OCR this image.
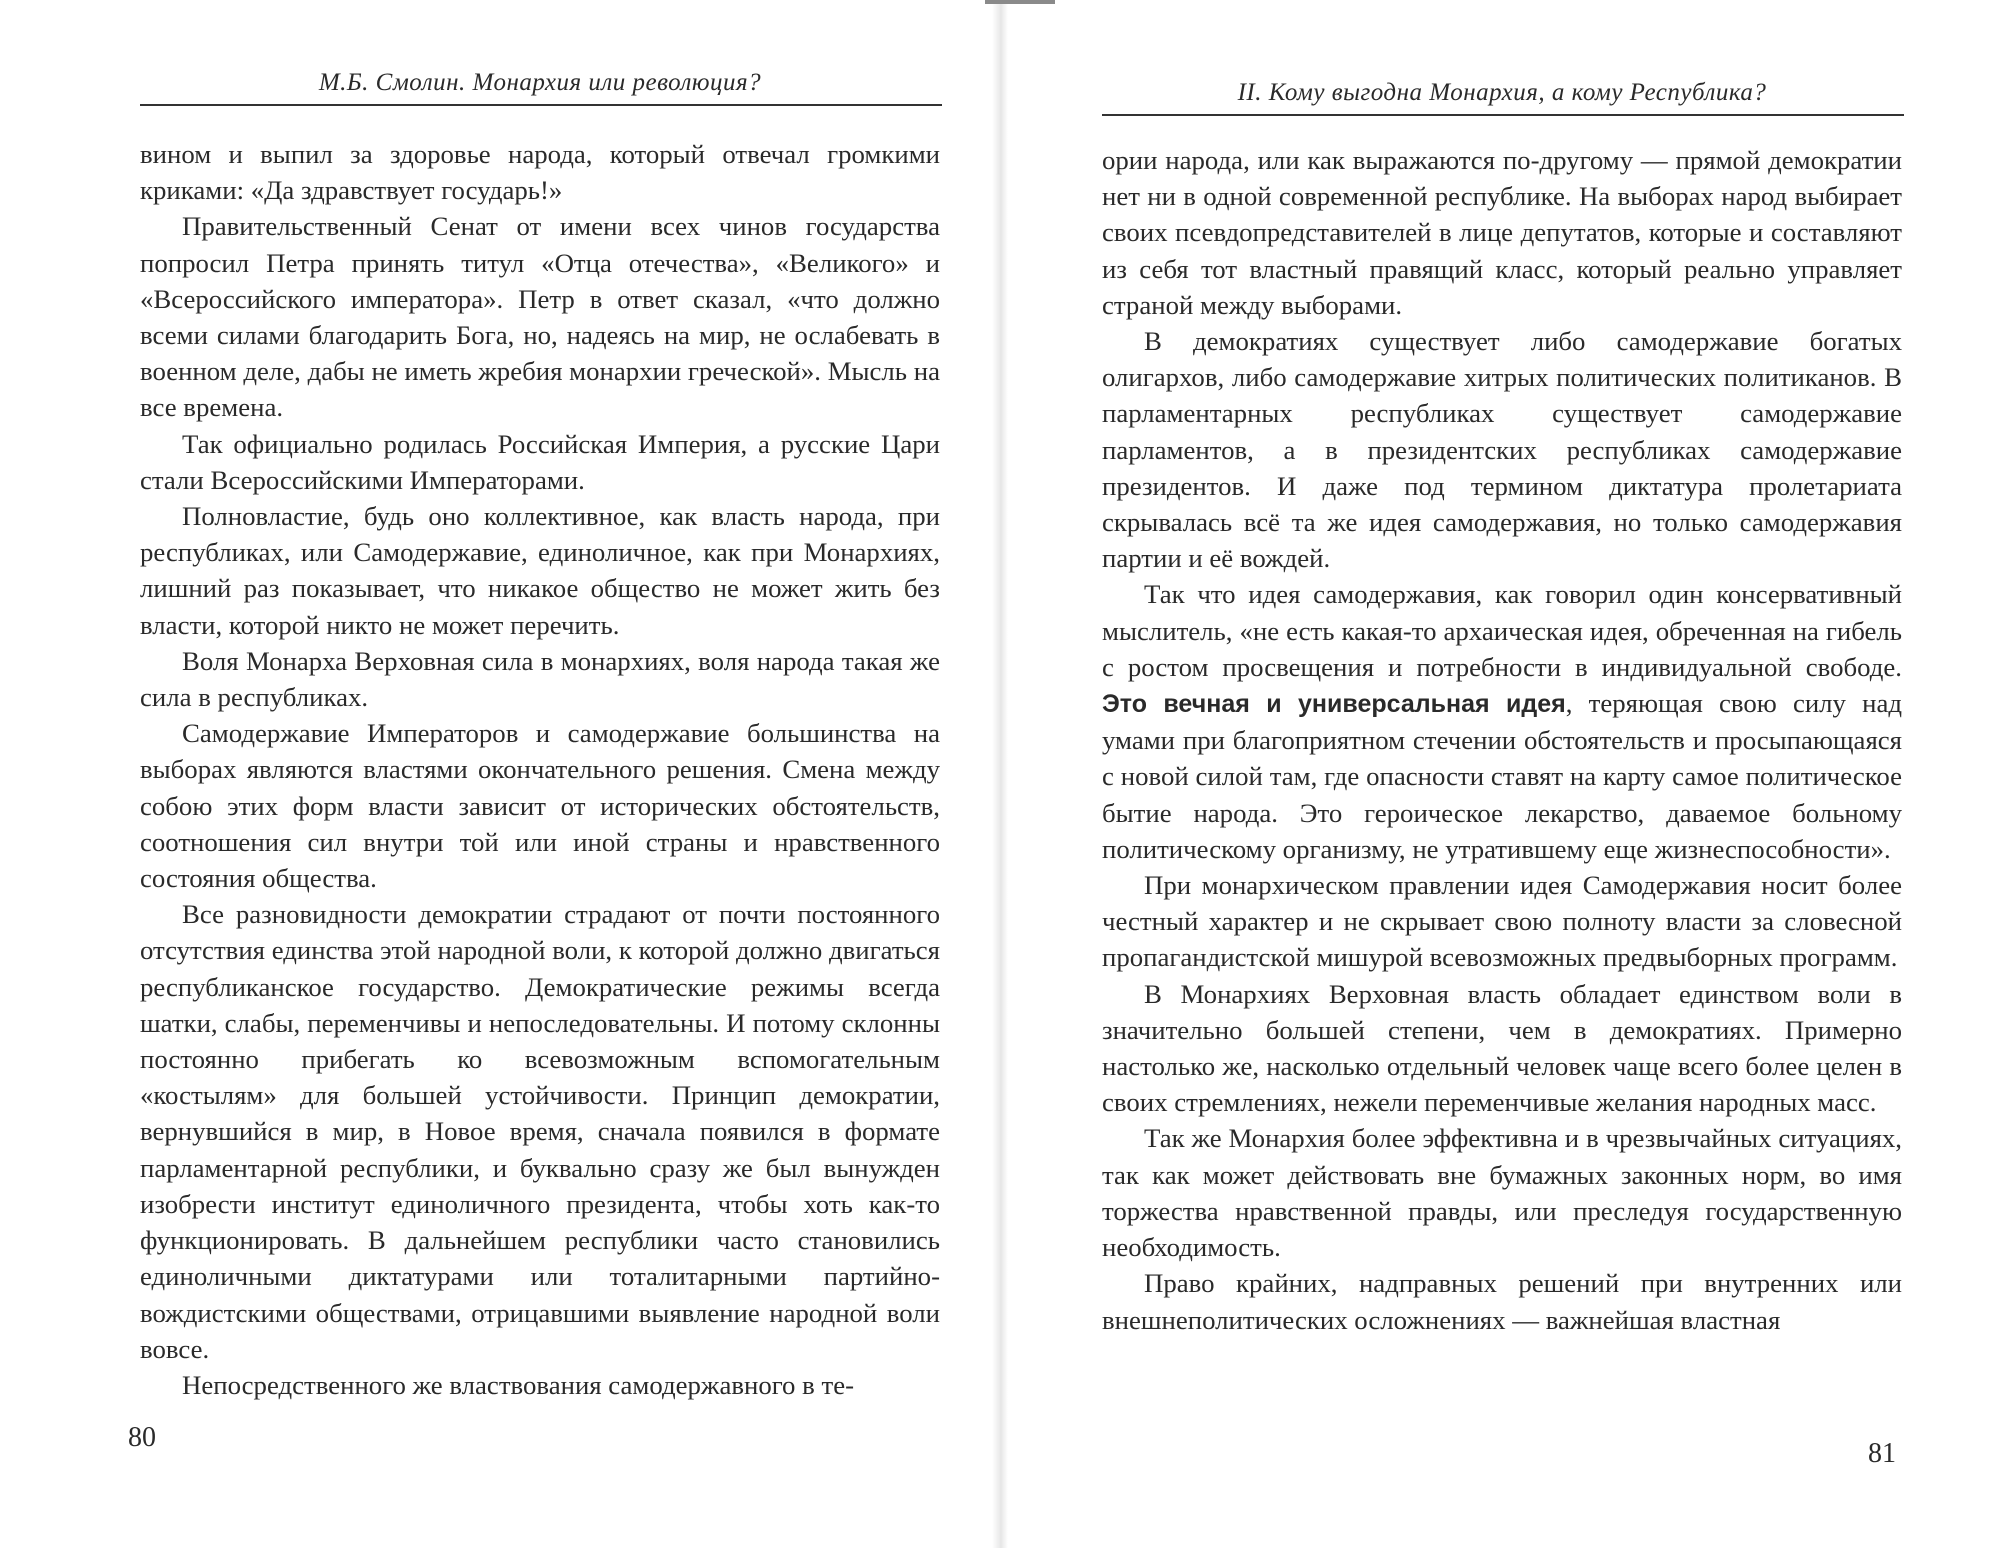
М.Б. Смолин. Монархия или революция?

вином и выпил за здоровье народа, который отвечал громкими криками: «Да здравствует государь!»

Правительственный Сенат от имени всех чинов государства попросил Петра принять титул «Отца отечества», «Великого» и «Всероссийского императора». Петр в ответ сказал, «что должно всеми силами благодарить Бога, но, надеясь на мир, не ослабевать в военном деле, дабы не иметь жребия монархии греческой». Мысль на все времена.

Так официально родилась Российская Империя, а русские Цари стали Всероссийскими Императорами.

Полновластие, будь оно коллективное, как власть народа, при республиках, или Самодержавие, единоличное, как при Монархиях, лишний раз показывает, что никакое общество не может жить без власти, которой никто не может перечить.

Воля Монарха Верховная сила в монархиях, воля народа такая же сила в республиках.

Самодержавие Императоров и самодержавие большинства на выборах являются властями окончательного решения. Смена между собою этих форм власти зависит от исторических обстоятельств, соотношения сил внутри той или иной страны и нравственного состояния общества.

Все разновидности демократии страдают от почти постоянного отсутствия единства этой народной воли, к которой должно двигаться республиканское государство. Демократические режимы всегда шатки, слабы, переменчивы и непоследовательны. И потому склонны постоянно прибегать ко всевозможным вспомогательным «костылям» для большей устойчивости. Принцип демократии, вернувшийся в мир, в Новое время, сначала появился в формате парламентарной республики, и буквально сразу же был вынужден изобрести институт единоличного президента, чтобы хоть как-то функционировать. В дальнейшем республики часто становились единоличными диктатурами или тоталитарными партийно-вождистскими обществами, отрицавшими выявление народной воли вовсе.

Непосредственного же властвования самодержавного в те-

80
II. Кому выгодна Монархия, а кому Республика?

ории народа, или как выражаются по-другому — прямой демократии нет ни в одной современной республике. На выборах народ выбирает своих псевдопредставителей в лице депутатов, которые и составляют из себя тот властный правящий класс, который реально управляет страной между выборами.

В демократиях существует либо самодержавие богатых олигархов, либо самодержавие хитрых политических политиканов. В парламентарных республиках существует самодержавие парламентов, а в президентских республиках самодержавие президентов. И даже под термином диктатура пролетариата скрывалась всё та же идея самодержавия, но только самодержавия партии и её вождей.

Так что идея самодержавия, как говорил один консервативный мыслитель, «не есть какая-то архаическая идея, обреченная на гибель с ростом просвещения и потребности в индивидуальной свободе. Это вечная и универсальная идея, теряющая свою силу над умами при благоприятном стечении обстоятельств и просыпающаяся с новой силой там, где опасности ставят на карту самое политическое бытие народа. Это героическое лекарство, даваемое больному политическому организму, не утратившему еще жизнеспособности».

При монархическом правлении идея Самодержавия носит более честный характер и не скрывает свою полноту власти за словесной пропагандистской мишурой всевозможных предвыборных программ.

В Монархиях Верховная власть обладает единством воли в значительно большей степени, чем в демократиях. Примерно настолько же, насколько отдельный человек чаще всего более целен в своих стремлениях, нежели переменчивые желания народных масс.

Так же Монархия более эффективна и в чрезвычайных ситуациях, так как может действовать вне бумажных законных норм, во имя торжества нравственной правды, или преследуя государственную необходимость.

Право крайних, надправных решений при внутренних или внешнеполитических осложнениях — важнейшая властная

81
